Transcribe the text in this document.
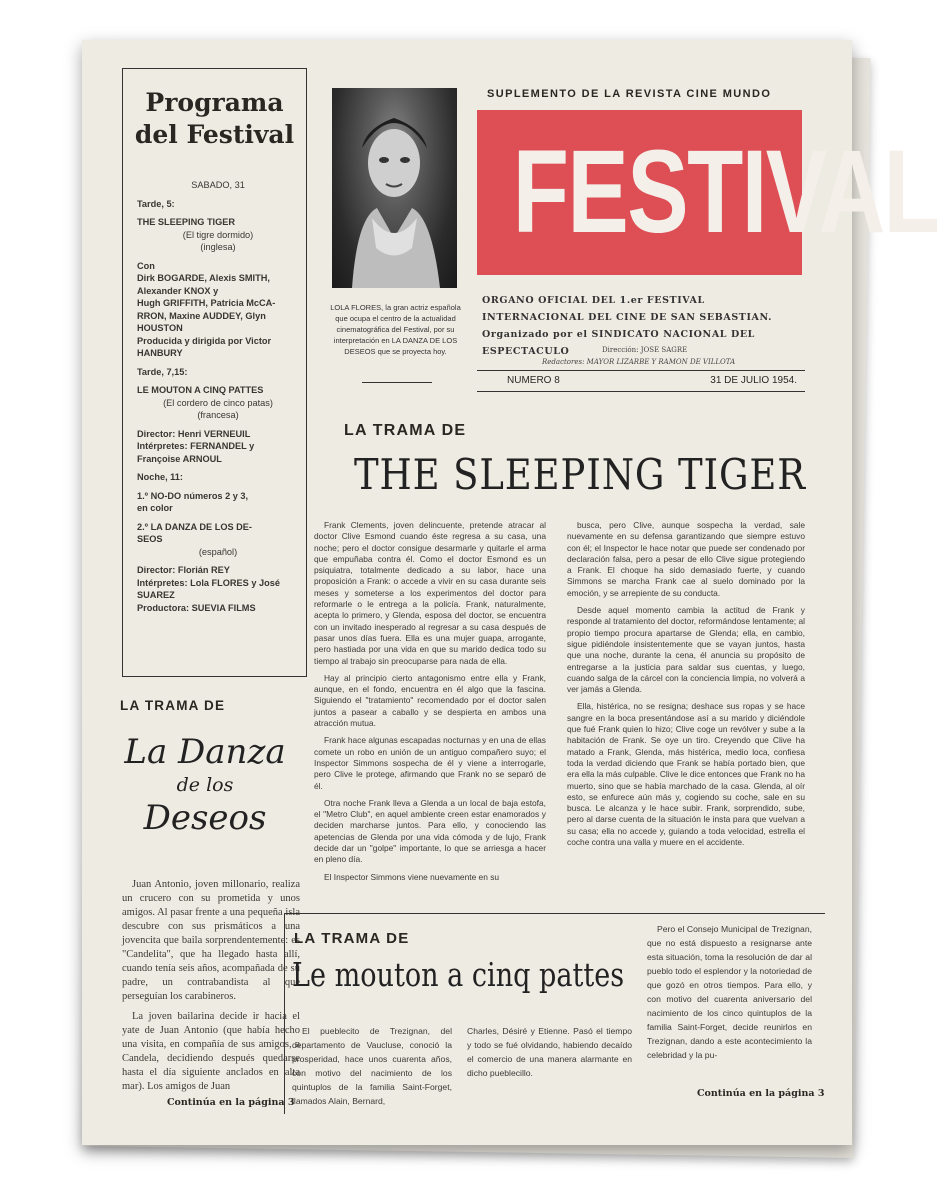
Programa
del Festival
SABADO, 31
Tarde, 5:
THE SLEEPING TIGER
(El tigre dormido)
(inglesa)
Con
Dirk BOGARDE, Alexis SMITH,
Alexander KNOX y
Hugh GRIFFITH, Patricia McCA-
RRON, Maxine AUDDEY, Glyn
HOUSTON
Producida y dirigida por Victor
HANBURY
Tarde, 7,15:
LE MOUTON A CINQ PATTES
(El cordero de cinco patas)
(francesa)
Director: Henri VERNEUIL
Intérpretes: FERNANDEL y
Françoise ARNOUL
Noche, 11:
1.º NO-DO números 2 y 3,
en color
2.º LA DANZA DE LOS DE-
SEOS
(español)
Director: Florián REY
Intérpretes: Lola FLORES y José
SUAREZ
Productora: SUEVIA FILMS
LOLA FLORES, la gran actriz española que ocupa el centro de la actualidad cinematográfica del Festival, por su interpretación en LA DANZA DE LOS DESEOS que se proyecta hoy.
SUPLEMENTO DE LA REVISTA CINE MUNDO
FESTIVAL
ORGANO OFICIAL DEL 1.er FESTIVAL INTERNACIONAL DEL CINE DE SAN SEBASTIAN. Organizado por el SINDICATO NACIONAL DEL ESPECTACULO	Dirección: JOSE SAGRE
Redactores: MAYOR LIZARBE Y RAMON DE VILLOTA
NUMERO 8	31 DE JULIO 1954.
LA TRAMA DE
THE SLEEPING TIGER

Frank Clements, joven delincuente, pretende atracar al doctor Clive Esmond cuando éste regresa a su casa, una noche; pero el doctor consigue desarmarle y quitarle el arma que empuñaba contra él. Como el doctor Esmond es un psiquiatra, totalmente dedicado a su labor, hace una proposición a Frank: o accede a vivir en su casa durante seis meses y someterse a los experimentos del doctor para reformarle o le entrega a la policía. Frank, naturalmente, acepta lo primero, y Glenda, esposa del doctor, se encuentra con un invitado inesperado al regresar a su casa después de pasar unos días fuera. Ella es una mujer guapa, arrogante, pero hastiada por una vida en que su marido dedica todo su tiempo al trabajo sin preocuparse para nada de ella.

Hay al principio cierto antagonismo entre ella y Frank, aunque, en el fondo, encuentra en él algo que la fascina. Siguiendo el "tratamiento" recomendado por el doctor salen juntos a pasear a caballo y se despierta en ambos una atracción mutua.

Frank hace algunas escapadas nocturnas y en una de ellas comete un robo en unión de un antiguo compañero suyo; el Inspector Simmons sospecha de él y viene a interrogarle, pero Clive le protege, afirmando que Frank no se separó de él.

Otra noche Frank lleva a Glenda a un local de baja estofa, el "Metro Club", en aquel ambiente creen estar enamorados y deciden marcharse juntos. Para ello, y conociendo las apetencias de Glenda por una vida cómoda y de lujo, Frank decide dar un "golpe" importante, lo que se arriesga a hacer en pleno día.

El Inspector Simmons viene nuevamente en su

busca, pero Clive, aunque sospecha la verdad, sale nuevamente en su defensa garantizando que siempre estuvo con él; el Inspector le hace notar que puede ser condenado por declaración falsa, pero a pesar de ello Clive sigue protegiendo a Frank. El choque ha sido demasiado fuerte, y cuando Simmons se marcha Frank cae al suelo dominado por la emoción, y se arrepiente de su conducta.

Desde aquel momento cambia la actitud de Frank y responde al tratamiento del doctor, reformándose lentamente; al propio tiempo procura apartarse de Glenda; ella, en cambio, sigue pidiéndole insistentemente que se vayan juntos, hasta que una noche, durante la cena, él anuncia su propósito de entregarse a la justicia para saldar sus cuentas, y luego, cuando salga de la cárcel con la conciencia limpia, no volverá a ver jamás a Glenda.

Ella, histérica, no se resigna; deshace sus ropas y se hace sangre en la boca presentándose así a su marido y diciéndole que fué Frank quien lo hizo; Clive coge un revólver y sube a la habitación de Frank. Se oye un tiro. Creyendo que Clive ha matado a Frank, Glenda, más histérica, medio loca, confiesa toda la verdad diciendo que Frank se había portado bien, que era ella la más culpable. Clive le dice entonces que Frank no ha muerto, sino que se había marchado de la casa. Glenda, al oír esto, se enfurece aún más y, cogiendo su coche, sale en su busca. Le alcanza y le hace subir. Frank, sorprendido, sube, pero al darse cuenta de la situación le insta para que vuelvan a su casa; ella no accede y, guiando a toda velocidad, estrella el coche contra una valla y muere en el accidente.

LA TRAMA DE
La Danza
de los
Deseos

Juan Antonio, joven millonario, realiza un crucero con su prometida y unos amigos. Al pasar frente a una pequeña isla descubre con sus prismáticos a una jovencita que baila sorprendentemente: es "Candelita", que ha llegado hasta allí, cuando tenía seis años, acompañada de su padre, un contrabandista al que perseguían los carabineros.

La joven bailarina decide ir hacia el yate de Juan Antonio (que había hecho una visita, en compañía de sus amigos, a Candela, decidiendo después quedarse hasta el día siguiente anclados en alta mar). Los amigos de Juan

Continúa en la página 3
LA TRAMA DE
Le mouton a cinq pattes

El pueblecito de Trezignan, del departamento de Vaucluse, conoció la prosperidad, hace unos cuarenta años, con motivo del nacimiento de los quintuplos de la familia Saint-Forget, llamados Alain, Bernard,

Charles, Désiré y Etienne. Pasó el tiempo y todo se fué olvidando, habiendo decaído el comercio de una manera alarmante en dicho pueblecillo.

Pero el Consejo Municipal de Trezignan, que no está dispuesto a resignarse ante esta situación, toma la resolución de dar al pueblo todo el esplendor y la notoriedad de que gozó en otros tiempos. Para ello, y con motivo del cuarenta aniversario del nacimiento de los cinco quintuplos de la familia Saint-Forget, decide reunirlos en Trezignan, dando a este acontecimiento la celebridad y la pu-

Continúa en la página 3
